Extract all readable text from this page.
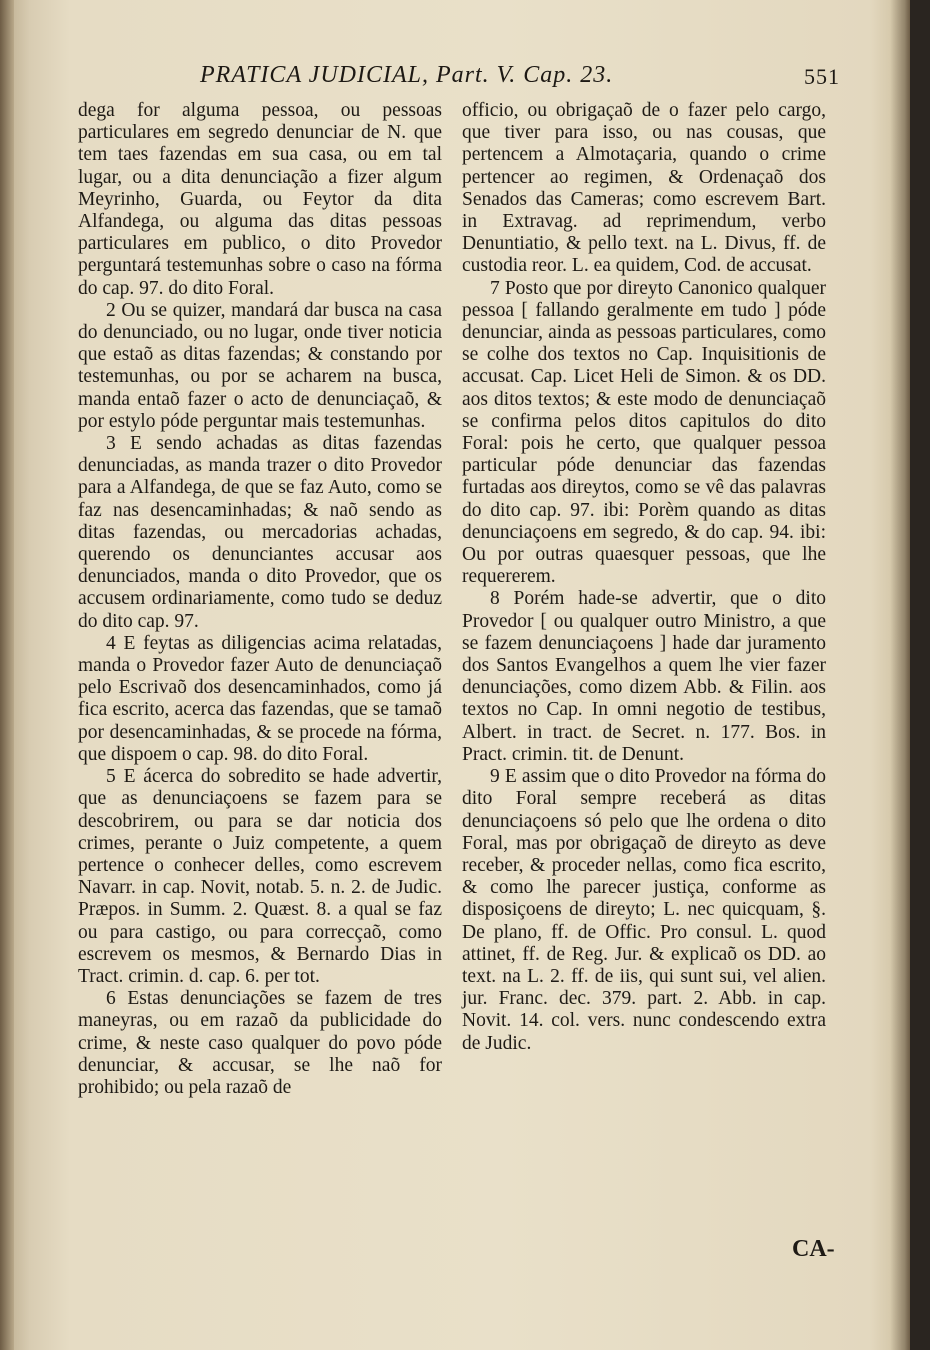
PRATICA JUDICIAL, Part. V. Cap. 23.	551

dega for alguma pessoa, ou pessoas particulares em segredo denunciar de N. que tem taes fazendas em sua casa, ou em tal lugar, ou a dita denunciação a fizer algum Meyrinho, Guarda, ou Feytor da dita Alfandega, ou alguma das ditas pessoas particulares em publico, o dito Provedor perguntará testemunhas sobre o caso na fórma do cap. 97. do dito Foral.

2 Ou se quizer, mandará dar busca na casa do denunciado, ou no lugar, onde tiver noticia que estaõ as ditas fazendas; & constando por testemunhas, ou por se acharem na busca, manda entaõ fazer o acto de denunciaçaõ, & por estylo póde perguntar mais testemunhas.

3 E sendo achadas as ditas fazendas denunciadas, as manda trazer o dito Provedor para a Alfandega, de que se faz Auto, como se faz nas desencaminhadas; & naõ sendo as ditas fazendas, ou mercadorias achadas, querendo os denunciantes accusar aos denunciados, manda o dito Provedor, que os accusem ordinariamente, como tudo se deduz do dito cap. 97.

4 E feytas as diligencias acima relatadas, manda o Provedor fazer Auto de denunciaçaõ pelo Escrivaõ dos desencaminhados, como já fica escrito, acerca das fazendas, que se tamaõ por desencaminhadas, & se procede na fórma, que dispoem o cap. 98. do dito Foral.

5 E ácerca do sobredito se hade advertir, que as denunciaçoens se fazem para se descobrirem, ou para se dar noticia dos crimes, perante o Juiz competente, a quem pertence o conhecer delles, como escrevem Navarr. in cap. Novit, notab. 5. n. 2. de Judic. Præpos. in Summ. 2. Quæst. 8. a qual se faz ou para castigo, ou para correcçaõ, como escrevem os mesmos, & Bernardo Dias in Tract. crimin. d. cap. 6. per tot.

6 Estas denunciações se fazem de tres maneyras, ou em razaõ da publicidade do crime, & neste caso qualquer do povo póde denunciar, & accusar, se lhe naõ for prohibido; ou pela razaõ de

officio, ou obrigaçaõ de o fazer pelo cargo, que tiver para isso, ou nas cousas, que pertencem a Almotaçaria, quando o crime pertencer ao regimen, & Ordenaçaõ dos Senados das Cameras; como escrevem Bart. in Extravag. ad reprimendum, verbo Denuntiatio, & pello text. na L. Divus, ff. de custodia reor. L. ea quidem, Cod. de accusat.

7 Posto que por direyto Canonico qualquer pessoa [ fallando geralmente em tudo ] póde denunciar, ainda as pessoas particulares, como se colhe dos textos no Cap. Inquisitionis de accusat. Cap. Licet Heli de Simon. & os DD. aos ditos textos; & este modo de denunciaçaõ se confirma pelos ditos capitulos do dito Foral: pois he certo, que qualquer pessoa particular póde denunciar das fazendas furtadas aos direytos, como se vê das palavras do dito cap. 97. ibi: Porèm quando as ditas denunciaçoens em segredo, & do cap. 94. ibi: Ou por outras quaesquer pessoas, que lhe requererem.

8 Porém hade-se advertir, que o dito Provedor [ ou qualquer outro Ministro, a que se fazem denunciaçoens ] hade dar juramento dos Santos Evangelhos a quem lhe vier fazer denunciações, como dizem Abb. & Filin. aos textos no Cap. In omni negotio de testibus, Albert. in tract. de Secret. n. 177. Bos. in Pract. crimin. tit. de Denunt.

9 E assim que o dito Provedor na fórma do dito Foral sempre receberá as ditas denunciaçoens só pelo que lhe ordena o dito Foral, mas por obrigaçaõ de direyto as deve receber, & proceder nellas, como fica escrito, & como lhe parecer justiça, conforme as disposiçoens de direyto; L. nec quicquam, §. De plano, ff. de Offic. Pro consul. L. quod attinet, ff. de Reg. Jur. & explicaõ os DD. ao text. na L. 2. ff. de iis, qui sunt sui, vel alien. jur. Franc. dec. 379. part. 2. Abb. in cap. Novit. 14. col. vers. nunc condescendo extra de Judic.

CA-
